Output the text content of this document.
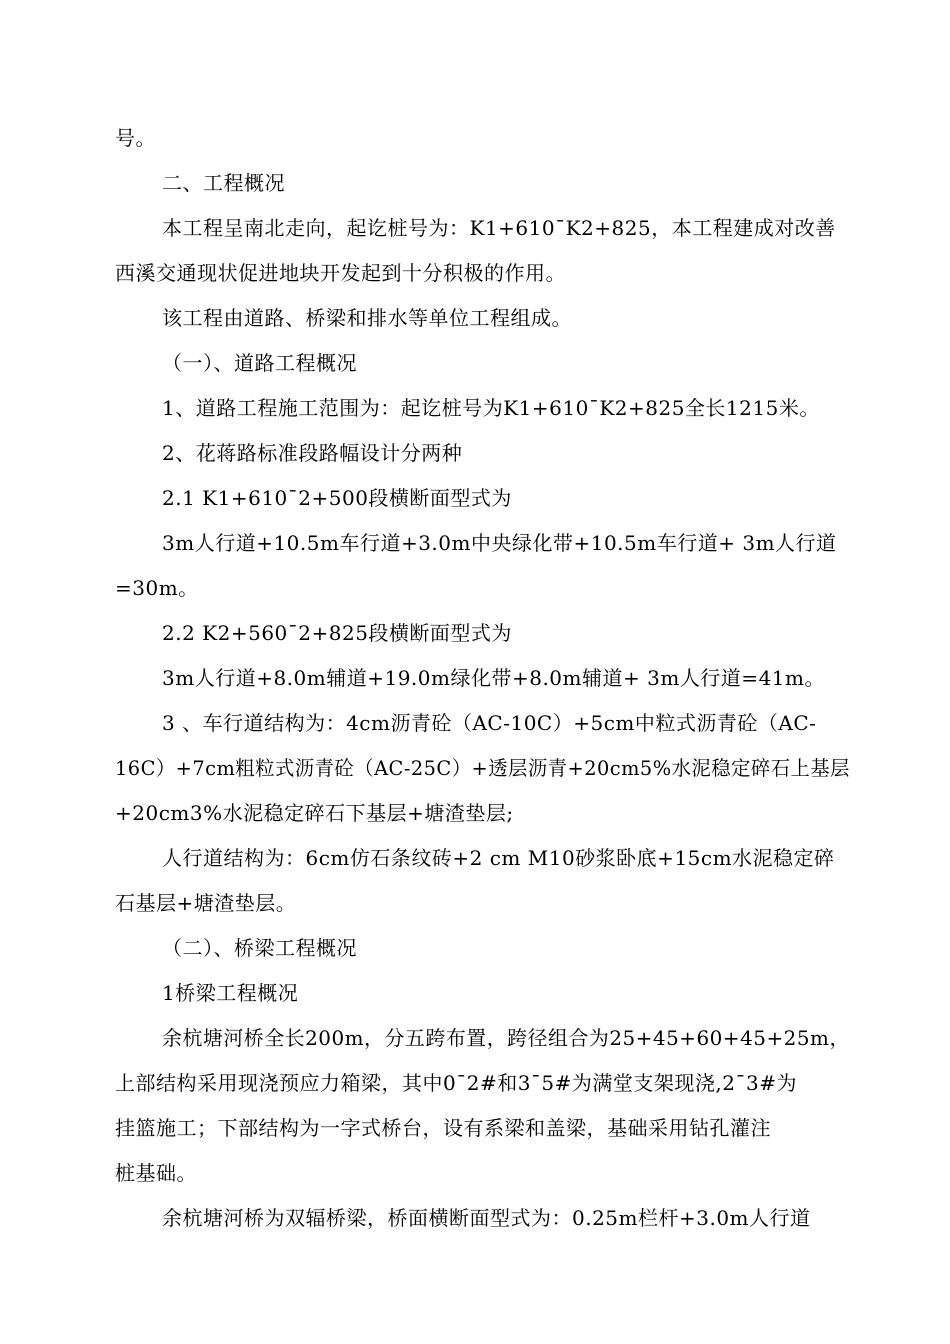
号。
二、工程概况
本工程呈南北走向，起讫桩号为：K1+610¯K2+825，本工程建成对改善
西溪交通现状促进地块开发起到十分积极的作用。
该工程由道路、桥梁和排水等单位工程组成。
（一）、道路工程概况
1、道路工程施工范围为：起讫桩号为K1+610¯K2+825全长1215米。
2、花蒋路标准段路幅设计分两种
2.1 K1+610¯2+500段横断面型式为
3m人行道+10.5m车行道+3.0m中央绿化带+10.5m车行道+ 3m人行道
=30m。
2.2 K2+560¯2+825段横断面型式为
3m人行道+8.0m辅道+19.0m绿化带+8.0m辅道+ 3m人行道=41m。
3 、车行道结构为：4cm沥青砼（AC-10C）+5cm中粒式沥青砼（AC-
16C）+7cm粗粒式沥青砼（AC-25C）+透层沥青+20cm5%水泥稳定碎石上基层
+20cm3%水泥稳定碎石下基层+塘渣垫层;
人行道结构为：6cm仿石条纹砖+2 cm M10砂浆卧底+15cm水泥稳定碎
石基层+塘渣垫层。
（二）、桥梁工程概况
1桥梁工程概况
余杭塘河桥全长200m，分五跨布置，跨径组合为25+45+60+45+25m，
上部结构采用现浇预应力箱梁，其中0¯2#和3¯5#为满堂支架现浇,2¯3#为
挂篮施工；下部结构为一字式桥台，设有系梁和盖梁，基础采用钻孔灌注
桩基础。
余杭塘河桥为双辐桥梁，桥面横断面型式为：0.25m栏杆+3.0m人行道
